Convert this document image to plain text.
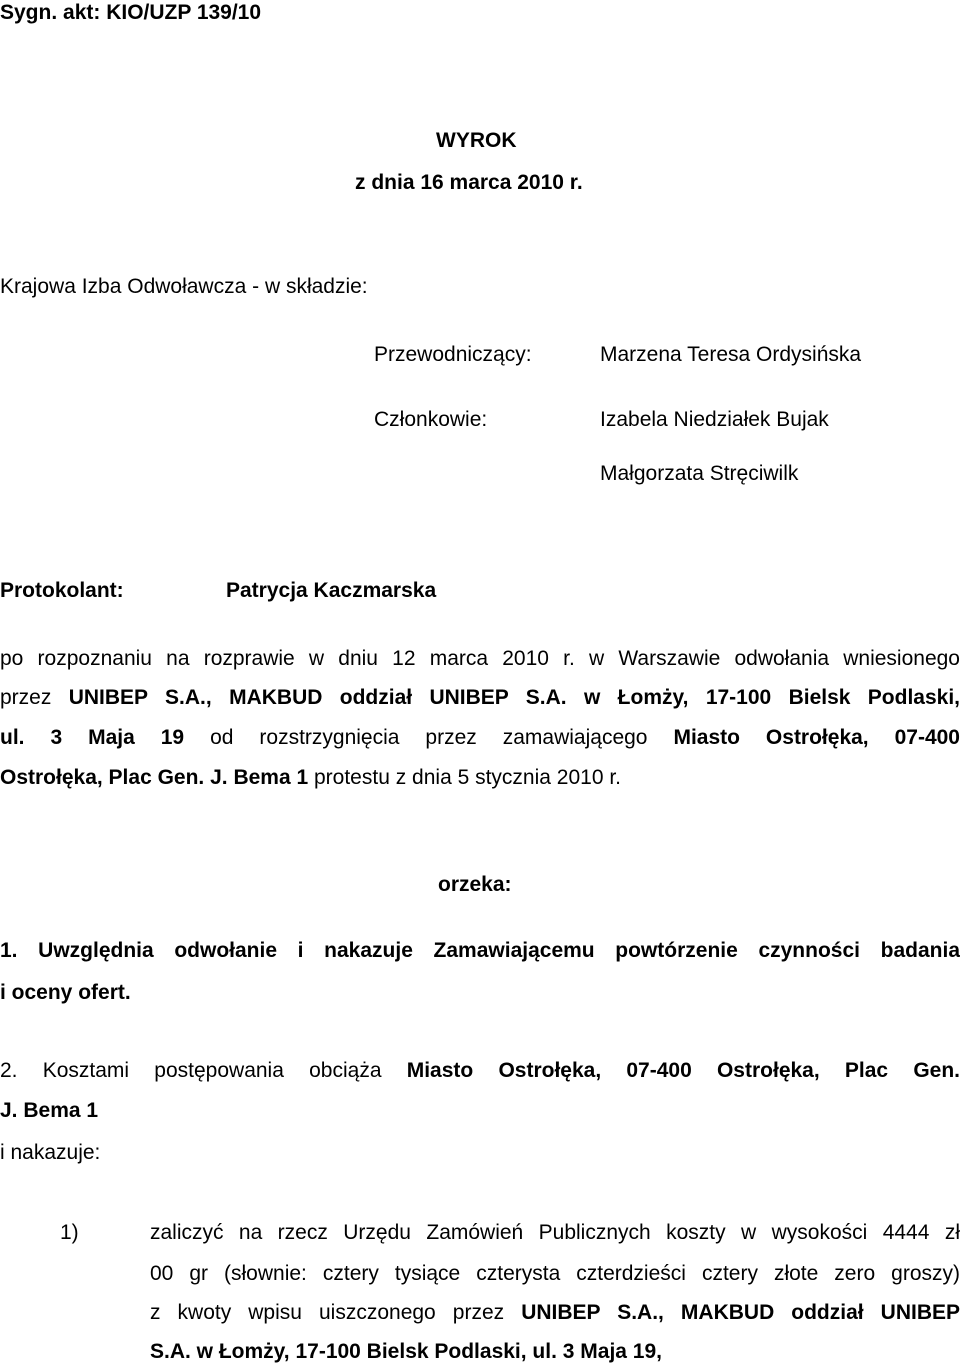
Sygn. akt: KIO/UZP 139/10
WYROK
z dnia 16 marca 2010 r.
Krajowa Izba Odwoławcza - w składzie:
Przewodniczący:	Marzena Teresa Ordysińska
Członkowie:	Izabela Niedziałek Bujak
Małgorzata Stręciwilk
Protokolant:	Patrycja Kaczmarska
po rozpoznaniu na rozprawie w dniu 12 marca 2010 r. w Warszawie odwołania wniesionego
przez UNIBEP S.A., MAKBUD oddział UNIBEP S.A. w Łomży, 17-100 Bielsk Podlaski,
ul. 3 Maja 19 od rozstrzygnięcia przez zamawiającego Miasto Ostrołęka, 07-400
Ostrołęka, Plac Gen. J. Bema 1 protestu z dnia 5 stycznia 2010 r.
orzeka:
1. Uwzględnia odwołanie i nakazuje Zamawiającemu powtórzenie czynności badania
i oceny ofert.
2. Kosztami postępowania obciąża Miasto Ostrołęka, 07-400 Ostrołęka, Plac Gen.
J. Bema 1
i nakazuje:
1)	zaliczyć na rzecz Urzędu Zamówień Publicznych koszty w wysokości 4444 zł
00 gr (słownie: cztery tysiące czterysta czterdzieści cztery złote zero groszy)
z kwoty wpisu uiszczonego przez UNIBEP S.A., MAKBUD oddział UNIBEP
S.A. w Łomży, 17-100 Bielsk Podlaski, ul. 3 Maja 19,
